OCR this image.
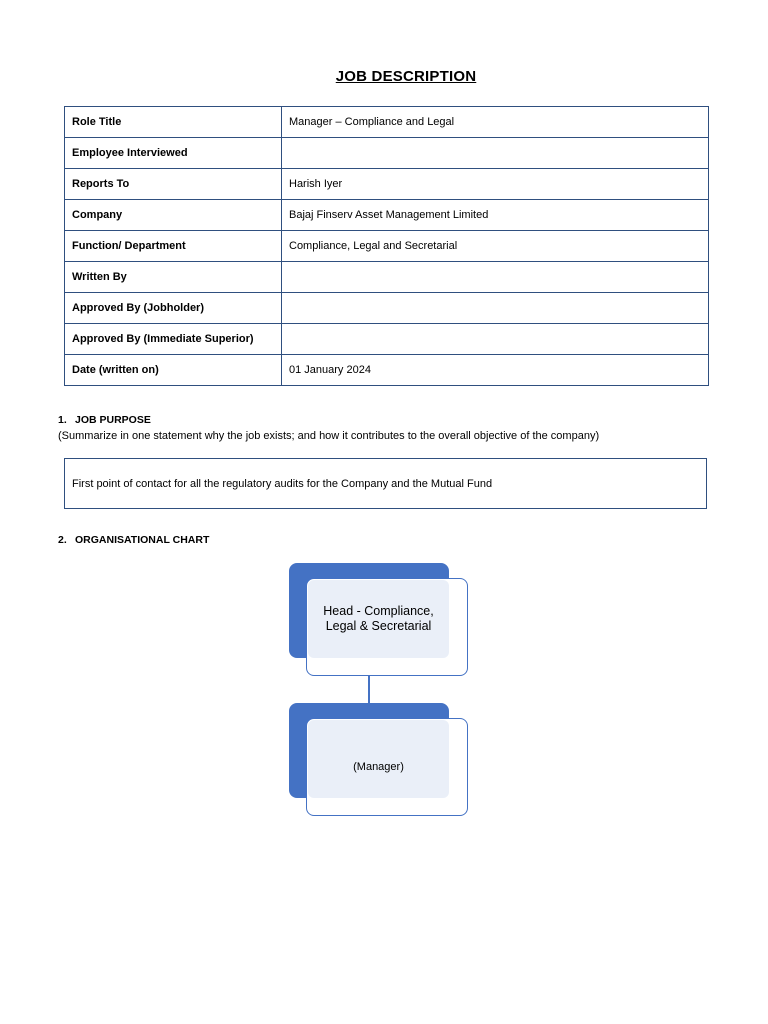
JOB DESCRIPTION
Role Title	Manager – Compliance and Legal
Employee Interviewed	
Reports To	Harish Iyer
Company	Bajaj Finserv Asset Management Limited
Function/ Department	Compliance, Legal and Secretarial
Written By	
Approved By (Jobholder)	
Approved By (Immediate Superior)	
Date (written on)	01 January 2024
1. JOB PURPOSE
(Summarize in one statement why the job exists; and how it contributes to the overall objective of the company)
First point of contact for all the regulatory audits for the Company and the Mutual Fund
2. ORGANISATIONAL CHART
Head - Compliance, Legal & Secretarial
(Manager)
